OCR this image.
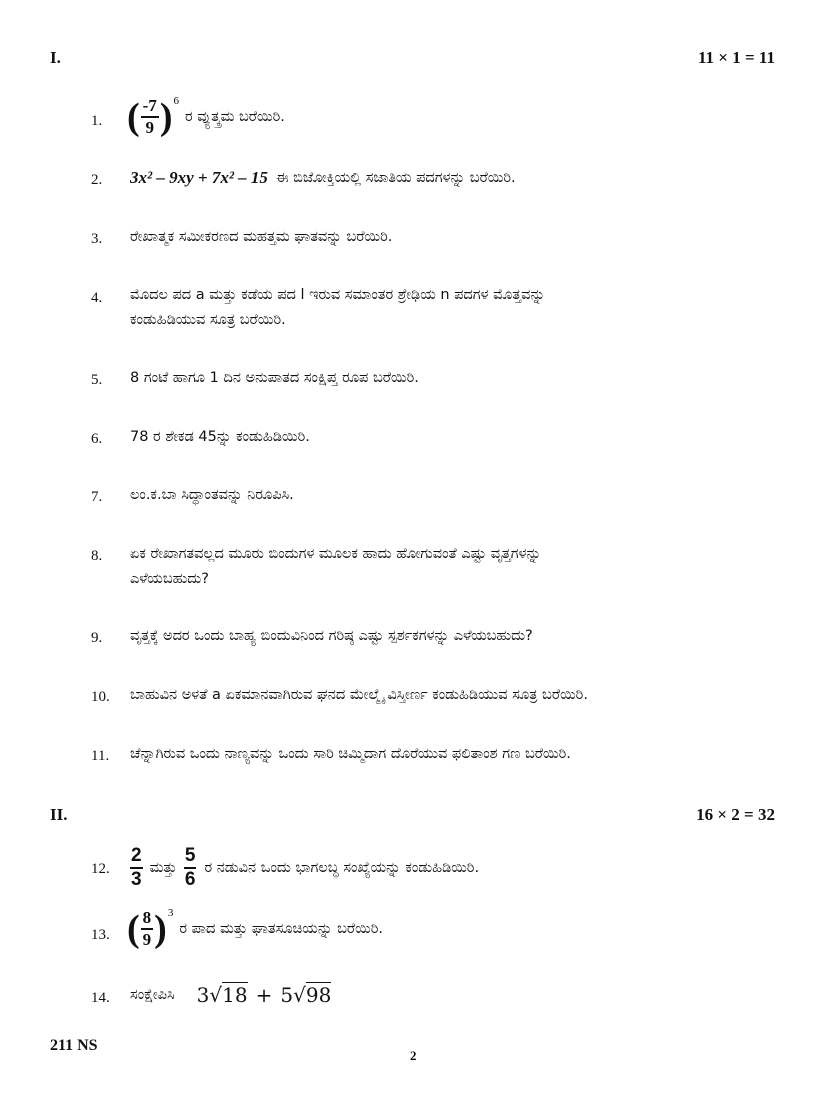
I.	11 × 1 = 11
1. ( $\frac{-7}{9}$ ) 6
ರ ವ್ಯುತ್ಕ್ರಮ ಬರೆಯಿರಿ.
2. 3x² – 9xy + 7x² – 15 ಈ ಬಿಜೋಕ್ತಿಯಲ್ಲಿ ಸಜಾತಿಯ ಪದಗಳನ್ನು ಬರೆಯಿರಿ.
3. ರೇಖಾತ್ಮಕ ಸಮೀಕರಣದ ಮಹತ್ತಮ ಘಾತವನ್ನು ಬರೆಯಿರಿ.
4. ಮೊದಲ ಪದ a ಮತ್ತು ಕಡೆಯ ಪದ l ಇರುವ ಸಮಾಂತರ ಶ್ರೇಢಿಯ n ಪದಗಳ ಮೊತ್ತವನ್ನು
ಕಂಡುಹಿಡಿಯುವ ಸೂತ್ರ ಬರೆಯಿರಿ.
5. 8 ಗಂಟೆ ಹಾಗೂ 1 ದಿನ ಅನುಪಾತದ ಸಂಕ್ಷಿಪ್ತ ರೂಪ ಬರೆಯಿರಿ.
6. 78 ರ ಶೇಕಡ 45ನ್ನು ಕಂಡುಹಿಡಿಯಿರಿ.
7. ಲಂ.ಕ.ಬಾ ಸಿದ್ಧಾಂತವನ್ನು ನಿರೂಪಿಸಿ.
8. ಏಕ ರೇಖಾಗತವಲ್ಲದ ಮೂರು ಬಿಂದುಗಳ ಮೂಲಕ ಹಾದು ಹೋಗುವಂತೆ ಎಷ್ಟು ವೃತ್ತಗಳನ್ನು
ಎಳೆಯಬಹುದು?
9. ವೃತ್ತಕ್ಕೆ ಅದರ ಒಂದು ಬಾಹ್ಯ ಬಿಂದುವಿನಿಂದ ಗರಿಷ್ಠ ಎಷ್ಟು ಸ್ಪರ್ಶಕಗಳನ್ನು ಎಳೆಯಬಹುದು?
10. ಬಾಹುವಿನ ಅಳತೆ a ಏಕಮಾನವಾಗಿರುವ ಘನದ ಮೇಲ್ಮೈ ವಿಸ್ತೀರ್ಣ ಕಂಡುಹಿಡಿಯುವ ಸೂತ್ರ ಬರೆಯಿರಿ.
11. ಚೆನ್ನಾಗಿರುವ ಒಂದು ನಾಣ್ಯವನ್ನು ಒಂದು ಸಾರಿ ಚಿಮ್ಮಿದಾಗ ದೊರೆಯುವ ಫಲಿತಾಂಶ ಗಣ ಬರೆಯಿರಿ.
II.	16 × 2 = 32
12. $\frac{2}{3}$ ಮತ್ತು $\frac{5}{6}$ ರ ನಡುವಿನ ಒಂದು ಭಾಗಲಬ್ಧ ಸಂಖ್ಯೆಯನ್ನು ಕಂಡುಹಿಡಿಯಿರಿ.
13. ( $\frac{8}{9}$ ) 3
ರ ಪಾದ ಮತ್ತು ಘಾತಸೂಚಿಯನ್ನು ಬರೆಯಿರಿ.
14. ಸಂಕ್ಷೇಪಿಸಿ 3√18 + 5√98
211 NS
2
